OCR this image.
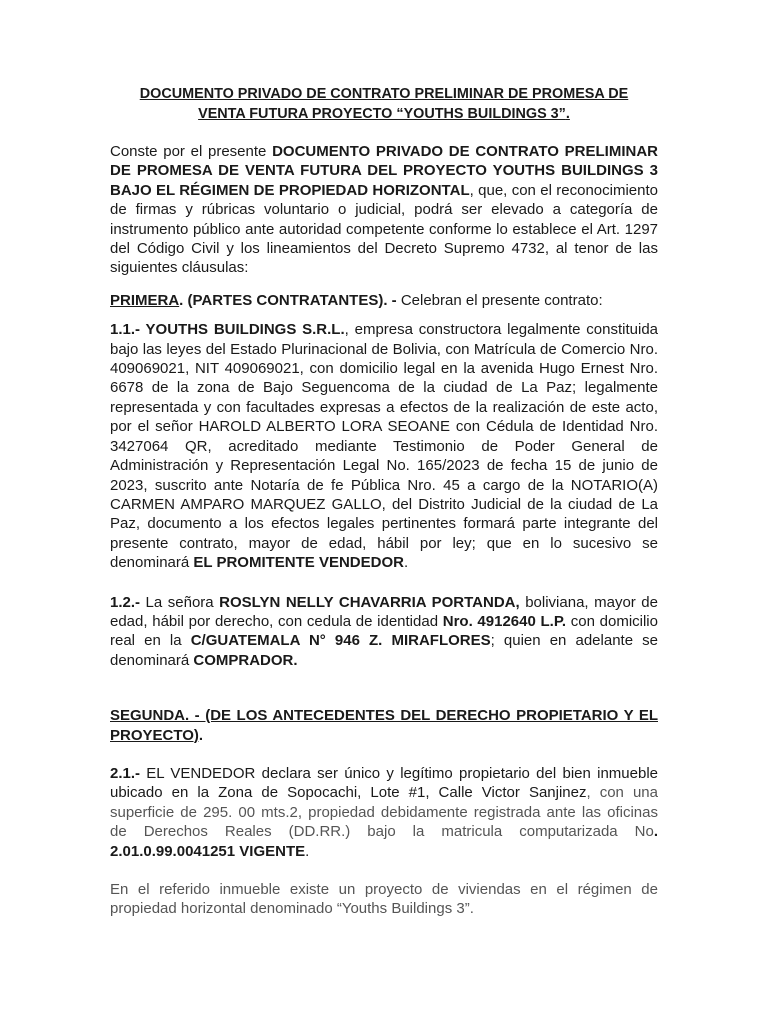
DOCUMENTO PRIVADO DE CONTRATO PRELIMINAR DE PROMESA DE
VENTA FUTURA PROYECTO “YOUTHS BUILDINGS 3”.

Conste por el presente DOCUMENTO PRIVADO DE CONTRATO PRELIMINAR DE PROMESA DE VENTA FUTURA DEL PROYECTO YOUTHS BUILDINGS 3 BAJO EL RÉGIMEN DE PROPIEDAD HORIZONTAL, que, con el reconocimiento de firmas y rúbricas voluntario o judicial, podrá ser elevado a categoría de instrumento público ante autoridad competente conforme lo establece el Art. 1297 del Código Civil y los lineamientos del Decreto Supremo 4732, al tenor de las siguientes cláusulas:

PRIMERA. (PARTES CONTRATANTES). - Celebran el presente contrato:

1.1.- YOUTHS BUILDINGS S.R.L., empresa constructora legalmente constituida bajo las leyes del Estado Plurinacional de Bolivia, con Matrícula de Comercio Nro. 409069021, NIT 409069021, con domicilio legal en la avenida Hugo Ernest Nro. 6678 de la zona de Bajo Seguencoma de la ciudad de La Paz; legalmente representada y con facultades expresas a efectos de la realización de este acto, por el señor HAROLD ALBERTO LORA SEOANE con Cédula de Identidad Nro. 3427064 QR, acreditado mediante Testimonio de Poder General de Administración y Representación Legal No. 165/2023 de fecha 15 de junio de 2023, suscrito ante Notaría de fe Pública Nro. 45 a cargo de la NOTARIO(A) CARMEN AMPARO MARQUEZ GALLO, del Distrito Judicial de la ciudad de La Paz, documento a los efectos legales pertinentes formará parte integrante del presente contrato, mayor de edad, hábil por ley; que en lo sucesivo se denominará EL PROMITENTE VENDEDOR.

1.2.- La señora ROSLYN NELLY CHAVARRIA PORTANDA, boliviana, mayor de edad, hábil por derecho, con cedula de identidad Nro. 4912640 L.P. con domicilio real en la C/GUATEMALA N° 946 Z. MIRAFLORES; quien en adelante se denominará COMPRADOR.

SEGUNDA. - (DE LOS ANTECEDENTES DEL DERECHO PROPIETARIO Y EL PROYECTO).

2.1.- EL VENDEDOR declara ser único y legítimo propietario del bien inmueble ubicado en la Zona de Sopocachi, Lote #1, Calle Victor Sanjinez, con una superficie de 295. 00 mts.2, propiedad debidamente registrada ante las oficinas de Derechos Reales (DD.RR.) bajo la matricula computarizada No. 2.01.0.99.0041251 VIGENTE.

En el referido inmueble existe un proyecto de viviendas en el régimen de propiedad horizontal denominado “Youths Buildings 3”.
